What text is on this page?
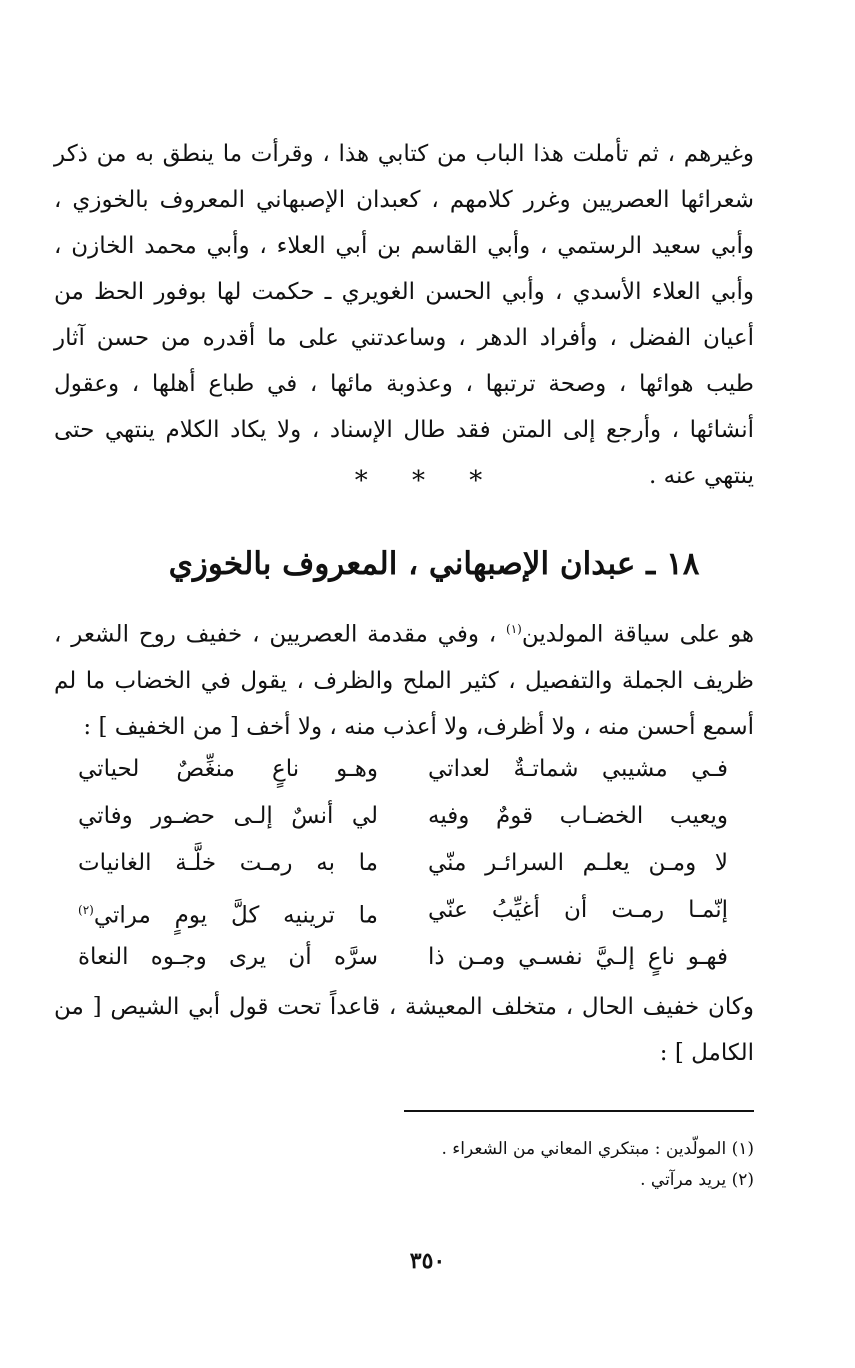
وغيرهم ، ثم تأملت هذا الباب من كتابي هذا ، وقرأت ما ينطق به من ذكر شعرائها العصريين وغرر كلامهم ، كعبدان الإصبهاني المعروف بالخوزي ، وأبي سعيد الرستمي ، وأبي القاسم بن أبي العلاء ، وأبي محمد الخازن ، وأبي العلاء الأسدي ، وأبي الحسن الغويري ـ حكمت لها بوفور الحظ من أعيان الفضل ، وأفراد الدهر ، وساعدتني على ما أقدره من حسن آثار طيب هوائها ، وصحة ترتبها ، وعذوبة مائها ، في طباع أهلها ، وعقول أنشائها ، وأرجع إلى المتن فقد طال الإسناد ، ولا يكاد الكلام ينتهي حتى ينتهي عنه .

* * *
١٨ ـ عبدان الإصبهاني ، المعروف بالخوزي

هو على سياقة المولدين$^{(١)}$ ، وفي مقدمة العصريين ، خفيف روح الشعر ، ظريف الجملة والتفصيل ، كثير الملح والظرف ، يقول في الخضاب ما لم أسمع أحسن منه ، ولا أظرف، ولا أعذب منه ، ولا أخف [ من الخفيف ] :

فـي مشيبي شماتـةٌ لعداتي
وهـو ناعٍ منغِّصٌ لحياتي
ويعيب الخضـاب قومٌ وفيه
لي أنسٌ إلـى حضـور وفاتي
لا ومـن يعلـم السرائـر منّي
ما به رمـت خلَّـة الغانيات
إنّمـا رمـت أن أغيِّبُ عنّي
ما ترينيه كلَّ يومٍ مراتي$^{(٢)}$
فهـو ناعٍ إلـيَّ نفسـي ومـن ذا
سرَّه أن يرى وجـوه النعاة

وكان خفيف الحال ، متخلف المعيشة ، قاعداً تحت قول أبي الشيص [ من الكامل ] :

(١) المولّدين : مبتكري المعاني من الشعراء .
(٢) يريد مرآتي .
٣٥٠
